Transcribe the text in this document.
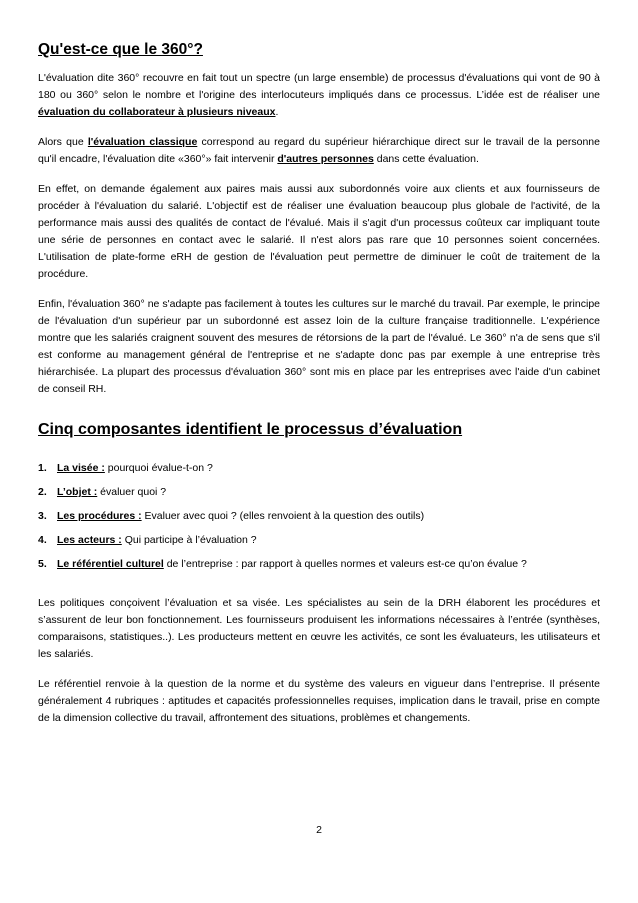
Qu'est-ce que le 360°?

L'évaluation dite 360° recouvre en fait tout un spectre (un large ensemble) de processus d'évaluations qui vont de 90 à 180 ou 360° selon le nombre et l'origine des interlocuteurs impliqués dans ce processus. L’idée est de réaliser une évaluation du collaborateur à plusieurs niveaux.

Alors que l'évaluation classique correspond au regard du supérieur hiérarchique direct sur le travail de la personne qu'il encadre, l'évaluation dite «360°» fait intervenir d'autres personnes dans cette évaluation.

En effet, on demande également aux paires mais aussi aux subordonnés voire aux clients et aux fournisseurs de procéder à l'évaluation du salarié. L'objectif est de réaliser une évaluation beaucoup plus globale de l'activité, de la performance mais aussi des qualités de contact de l'évalué. Mais il s'agit d'un processus coûteux car impliquant toute une série de personnes en contact avec le salarié. Il n'est alors pas rare que 10 personnes soient concernées. L'utilisation de plate-forme eRH de gestion de l'évaluation peut permettre de diminuer le coût de traitement de la procédure.

Enfin, l'évaluation 360° ne s'adapte pas facilement à toutes les cultures sur le marché du travail. Par exemple, le principe de l'évaluation d'un supérieur par un subordonné est assez loin de la culture française traditionnelle. L'expérience montre que les salariés craignent souvent des mesures de rétorsions de la part de l'évalué. Le 360° n'a de sens que s'il est conforme au management général de l'entreprise et ne s'adapte donc pas par exemple à une entreprise très hiérarchisée. La plupart des processus d'évaluation 360° sont mis en place par les entreprises avec l'aide d'un cabinet de conseil RH.

Cinq composantes identifient le processus d’évaluation
1. La visée : pourquoi évalue-t-on ?
2. L’objet : évaluer quoi ?
3. Les procédures : Evaluer avec quoi ? (elles renvoient à la question des outils)
4. Les acteurs : Qui participe à l’évaluation ?
5. Le référentiel culturel de l’entreprise : par rapport à quelles normes et valeurs est-ce qu’on évalue ?

Les politiques conçoivent l’évaluation et sa visée. Les spécialistes au sein de la DRH élaborent les procédures et s’assurent de leur bon fonctionnement. Les fournisseurs produisent les informations nécessaires à l’entrée (synthèses, comparaisons, statistiques..). Les producteurs mettent en œuvre les activités, ce sont les évaluateurs, les utilisateurs et les salariés.

Le référentiel renvoie à la question de la norme et du système des valeurs en vigueur dans l’entreprise. Il présente généralement 4 rubriques : aptitudes et capacités professionnelles requises, implication dans le travail, prise en compte de la dimension collective du travail, affrontement des situations, problèmes et changements.

2
